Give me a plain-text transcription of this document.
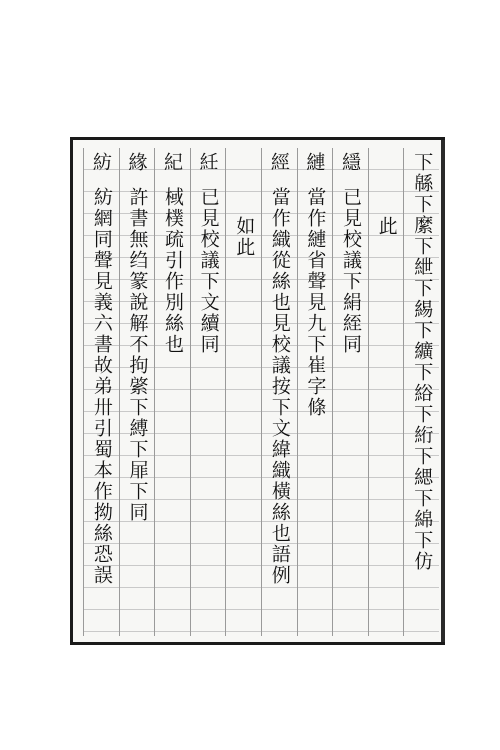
下緜下縻下紲下緆下纊下綌下絎下緦下綿下仿
此
䌥
已見校議下絹絰同
縺
當作縺省聲見九下崔字條
經
當作織從絲也見校議按下文緯織橫絲也語例
如此
紝
已見校議下文續同
紀
棫樸疏引作別絲也
緣
許書無绉篆說解不拘綮下縛下屝下同
紡
紡網同聲見義六書故弟卅引蜀本作拗絲恐誤
